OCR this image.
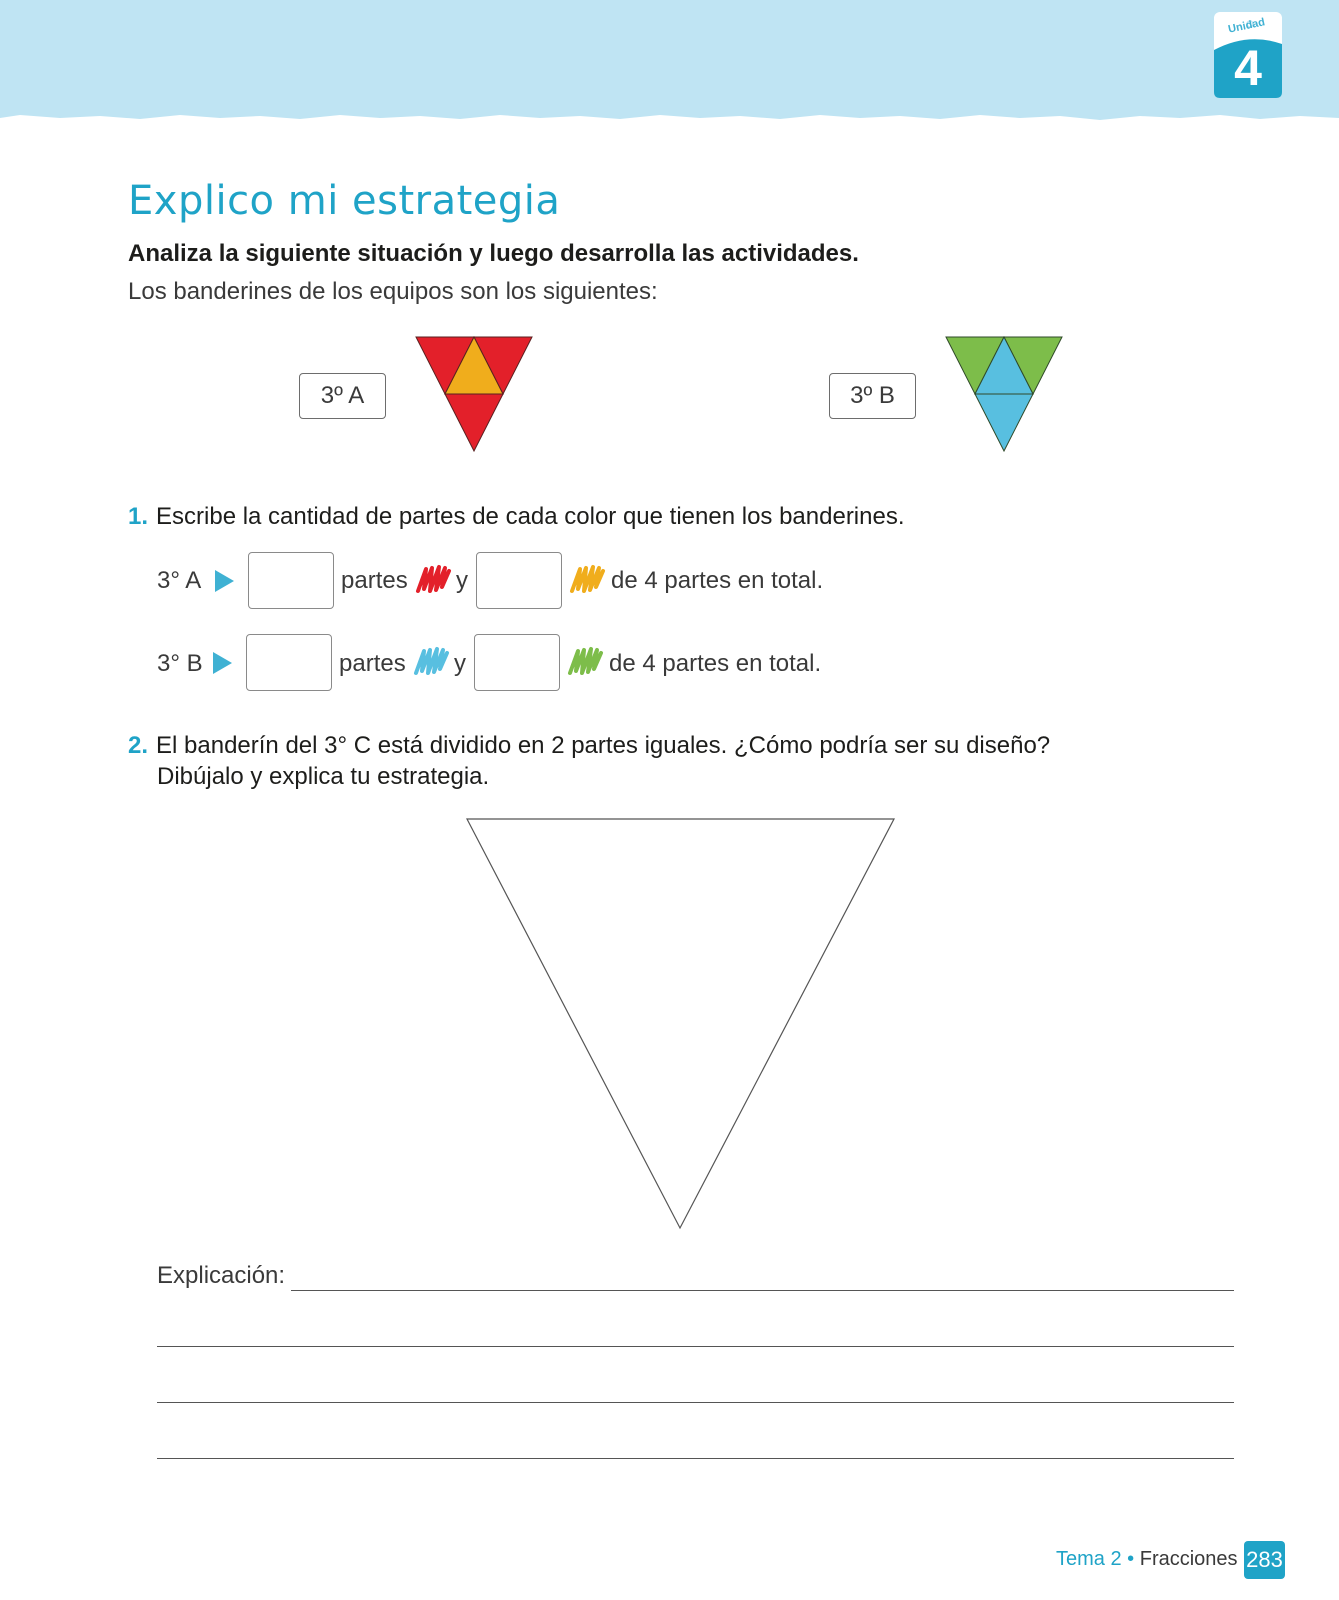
Unidad
4
Explico mi estrategia
Analiza la siguiente situación y luego desarrolla las actividades.
Los banderines de los equipos son los siguientes:
3º A	3º B
1. Escribe la cantidad de partes de cada color que tienen los banderines.
3° A	partes y	de 4 partes en total.
3° B	partes y	de 4 partes en total.
2. El banderín del 3° C está dividido en 2 partes iguales. ¿Cómo podría ser su diseño?
Dibújalo y explica tu estrategia.
Explicación:
Tema 2 • Fracciones 283
